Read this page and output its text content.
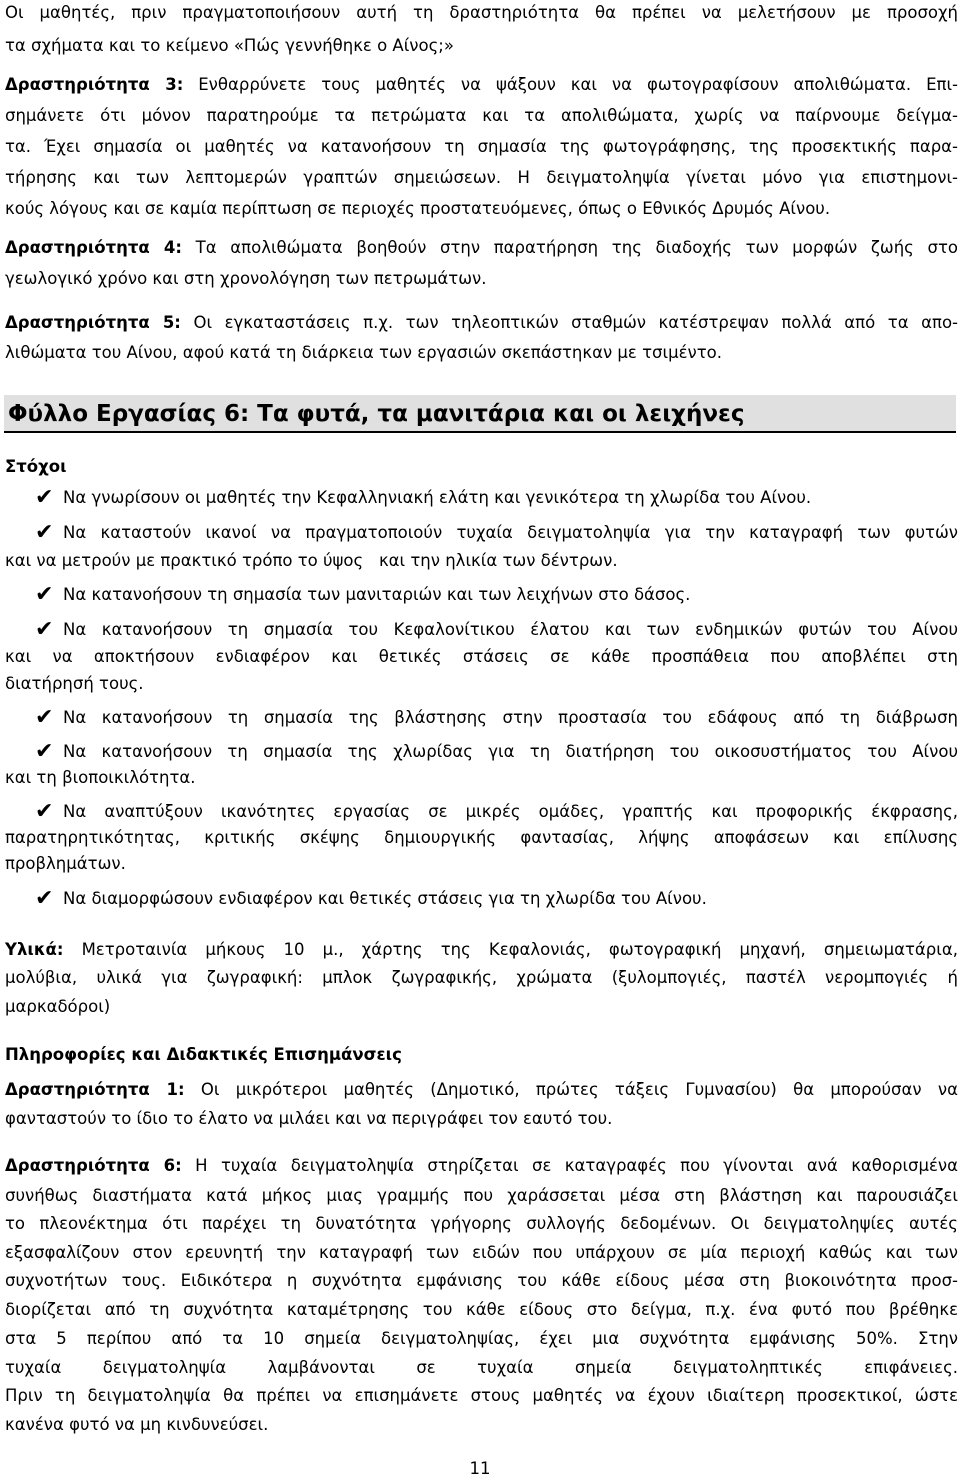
Οι μαθητές, πριν πραγματοποιήσουν αυτή τη δραστηριότητα θα πρέπει να μελετήσουν με προσοχή
τα σχήματα και το κείμενο «Πώς γεννήθηκε ο Αίνος;»
Δραστηριότητα 3: Ενθαρρύνετε τους μαθητές να ψάξουν και να φωτογραφίσουν απολιθώματα. Επι-
σημάνετε ότι μόνον παρατηρούμε τα πετρώματα και τα απολιθώματα, χωρίς να παίρνουμε δείγμα-
τα. Έχει σημασία οι μαθητές να κατανοήσουν τη σημασία της φωτογράφησης, της προσεκτικής παρα-
τήρησης και των λεπτομερών γραπτών σημειώσεων. Η δειγματοληψία γίνεται μόνο για επιστημονι-
κούς λόγους και σε καμία περίπτωση σε περιοχές προστατευόμενες, όπως ο Εθνικός Δρυμός Αίνου.
Δραστηριότητα 4: Τα απολιθώματα βοηθούν στην παρατήρηση της διαδοχής των μορφών ζωής στο
γεωλογικό χρόνο και στη χρονολόγηση των πετρωμάτων.
Δραστηριότητα 5: Οι εγκαταστάσεις π.χ. των τηλεοπτικών σταθμών κατέστρεψαν πολλά από τα απο-
λιθώματα του Αίνου, αφού κατά τη διάρκεια των εργασιών σκεπάστηκαν με τσιμέντο.
Φύλλο Εργασίας 6: Τα φυτά, τα μανιτάρια και οι λειχήνες
Στόχοι
✔ Να γνωρίσουν οι μαθητές την Κεφαλληνιακή ελάτη και γενικότερα τη χλωρίδα του Αίνου.
✔ Να καταστούν ικανοί να πραγματοποιούν τυχαία δειγματοληψία για την καταγραφή των φυτών
και να μετρούν με πρακτικό τρόπο το ύψος   και την ηλικία των δέντρων.
✔ Να κατανοήσουν τη σημασία των μανιταριών και των λειχήνων στο δάσος.
✔ Να κατανοήσουν τη σημασία του Κεφαλονίτικου έλατου και των ενδημικών φυτών του Αίνου
και να αποκτήσουν ενδιαφέρον και θετικές στάσεις σε κάθε προσπάθεια που αποβλέπει στη
διατήρησή τους.
✔ Να κατανοήσουν τη σημασία της βλάστησης στην προστασία του εδάφους από τη διάβρωση
✔ Να κατανοήσουν τη σημασία της χλωρίδας για τη διατήρηση του οικοσυστήματος του Αίνου
και τη βιοποικιλότητα.
✔ Να αναπτύξουν ικανότητες εργασίας σε μικρές ομάδες, γραπτής και προφορικής έκφρασης,
παρατηρητικότητας, κριτικής σκέψης δημιουργικής φαντασίας, λήψης αποφάσεων και επίλυσης
προβλημάτων.
✔ Να διαμορφώσουν ενδιαφέρον και θετικές στάσεις για τη χλωρίδα του Αίνου.
Υλικά: Μετροταινία μήκους 10 μ., χάρτης της Κεφαλονιάς, φωτογραφική μηχανή, σημειωματάρια,
μολύβια, υλικά για ζωγραφική: μπλοκ ζωγραφικής, χρώματα (ξυλομπογιές, παστέλ νερομπογιές ή
μαρκαδόροι)
Πληροφορίες και Διδακτικές Επισημάνσεις
Δραστηριότητα 1: Οι μικρότεροι μαθητές (Δημοτικό, πρώτες τάξεις Γυμνασίου) θα μπορούσαν να
φανταστούν το ίδιο το έλατο να μιλάει και να περιγράφει τον εαυτό του.
Δραστηριότητα 6: Η τυχαία δειγματοληψία στηρίζεται σε καταγραφές που γίνονται ανά καθορισμένα
συνήθως διαστήματα κατά μήκος μιας γραμμής που χαράσσεται μέσα στη βλάστηση και παρουσιάζει
το πλεονέκτημα ότι παρέχει τη δυνατότητα γρήγορης συλλογής δεδομένων. Οι δειγματοληψίες αυτές
εξασφαλίζουν στον ερευνητή την καταγραφή των ειδών που υπάρχουν σε μία περιοχή καθώς και των
συχνοτήτων τους. Ειδικότερα η συχνότητα εμφάνισης του κάθε είδους μέσα στη βιοκοινότητα προσ-
διορίζεται από τη συχνότητα καταμέτρησης του κάθε είδους στο δείγμα, π.χ. ένα φυτό που βρέθηκε
στα 5 περίπου από τα 10 σημεία δειγματοληψίας, έχει μια συχνότητα εμφάνισης 50%. Στην
τυχαία δειγματοληψία λαμβάνονται σε τυχαία σημεία δειγματοληπτικές επιφάνειες.
Πριν τη δειγματοληψία θα πρέπει να επισημάνετε στους μαθητές να έχουν ιδιαίτερη προσεκτικοί, ώστε
κανένα φυτό να μη κινδυνεύσει.
11
